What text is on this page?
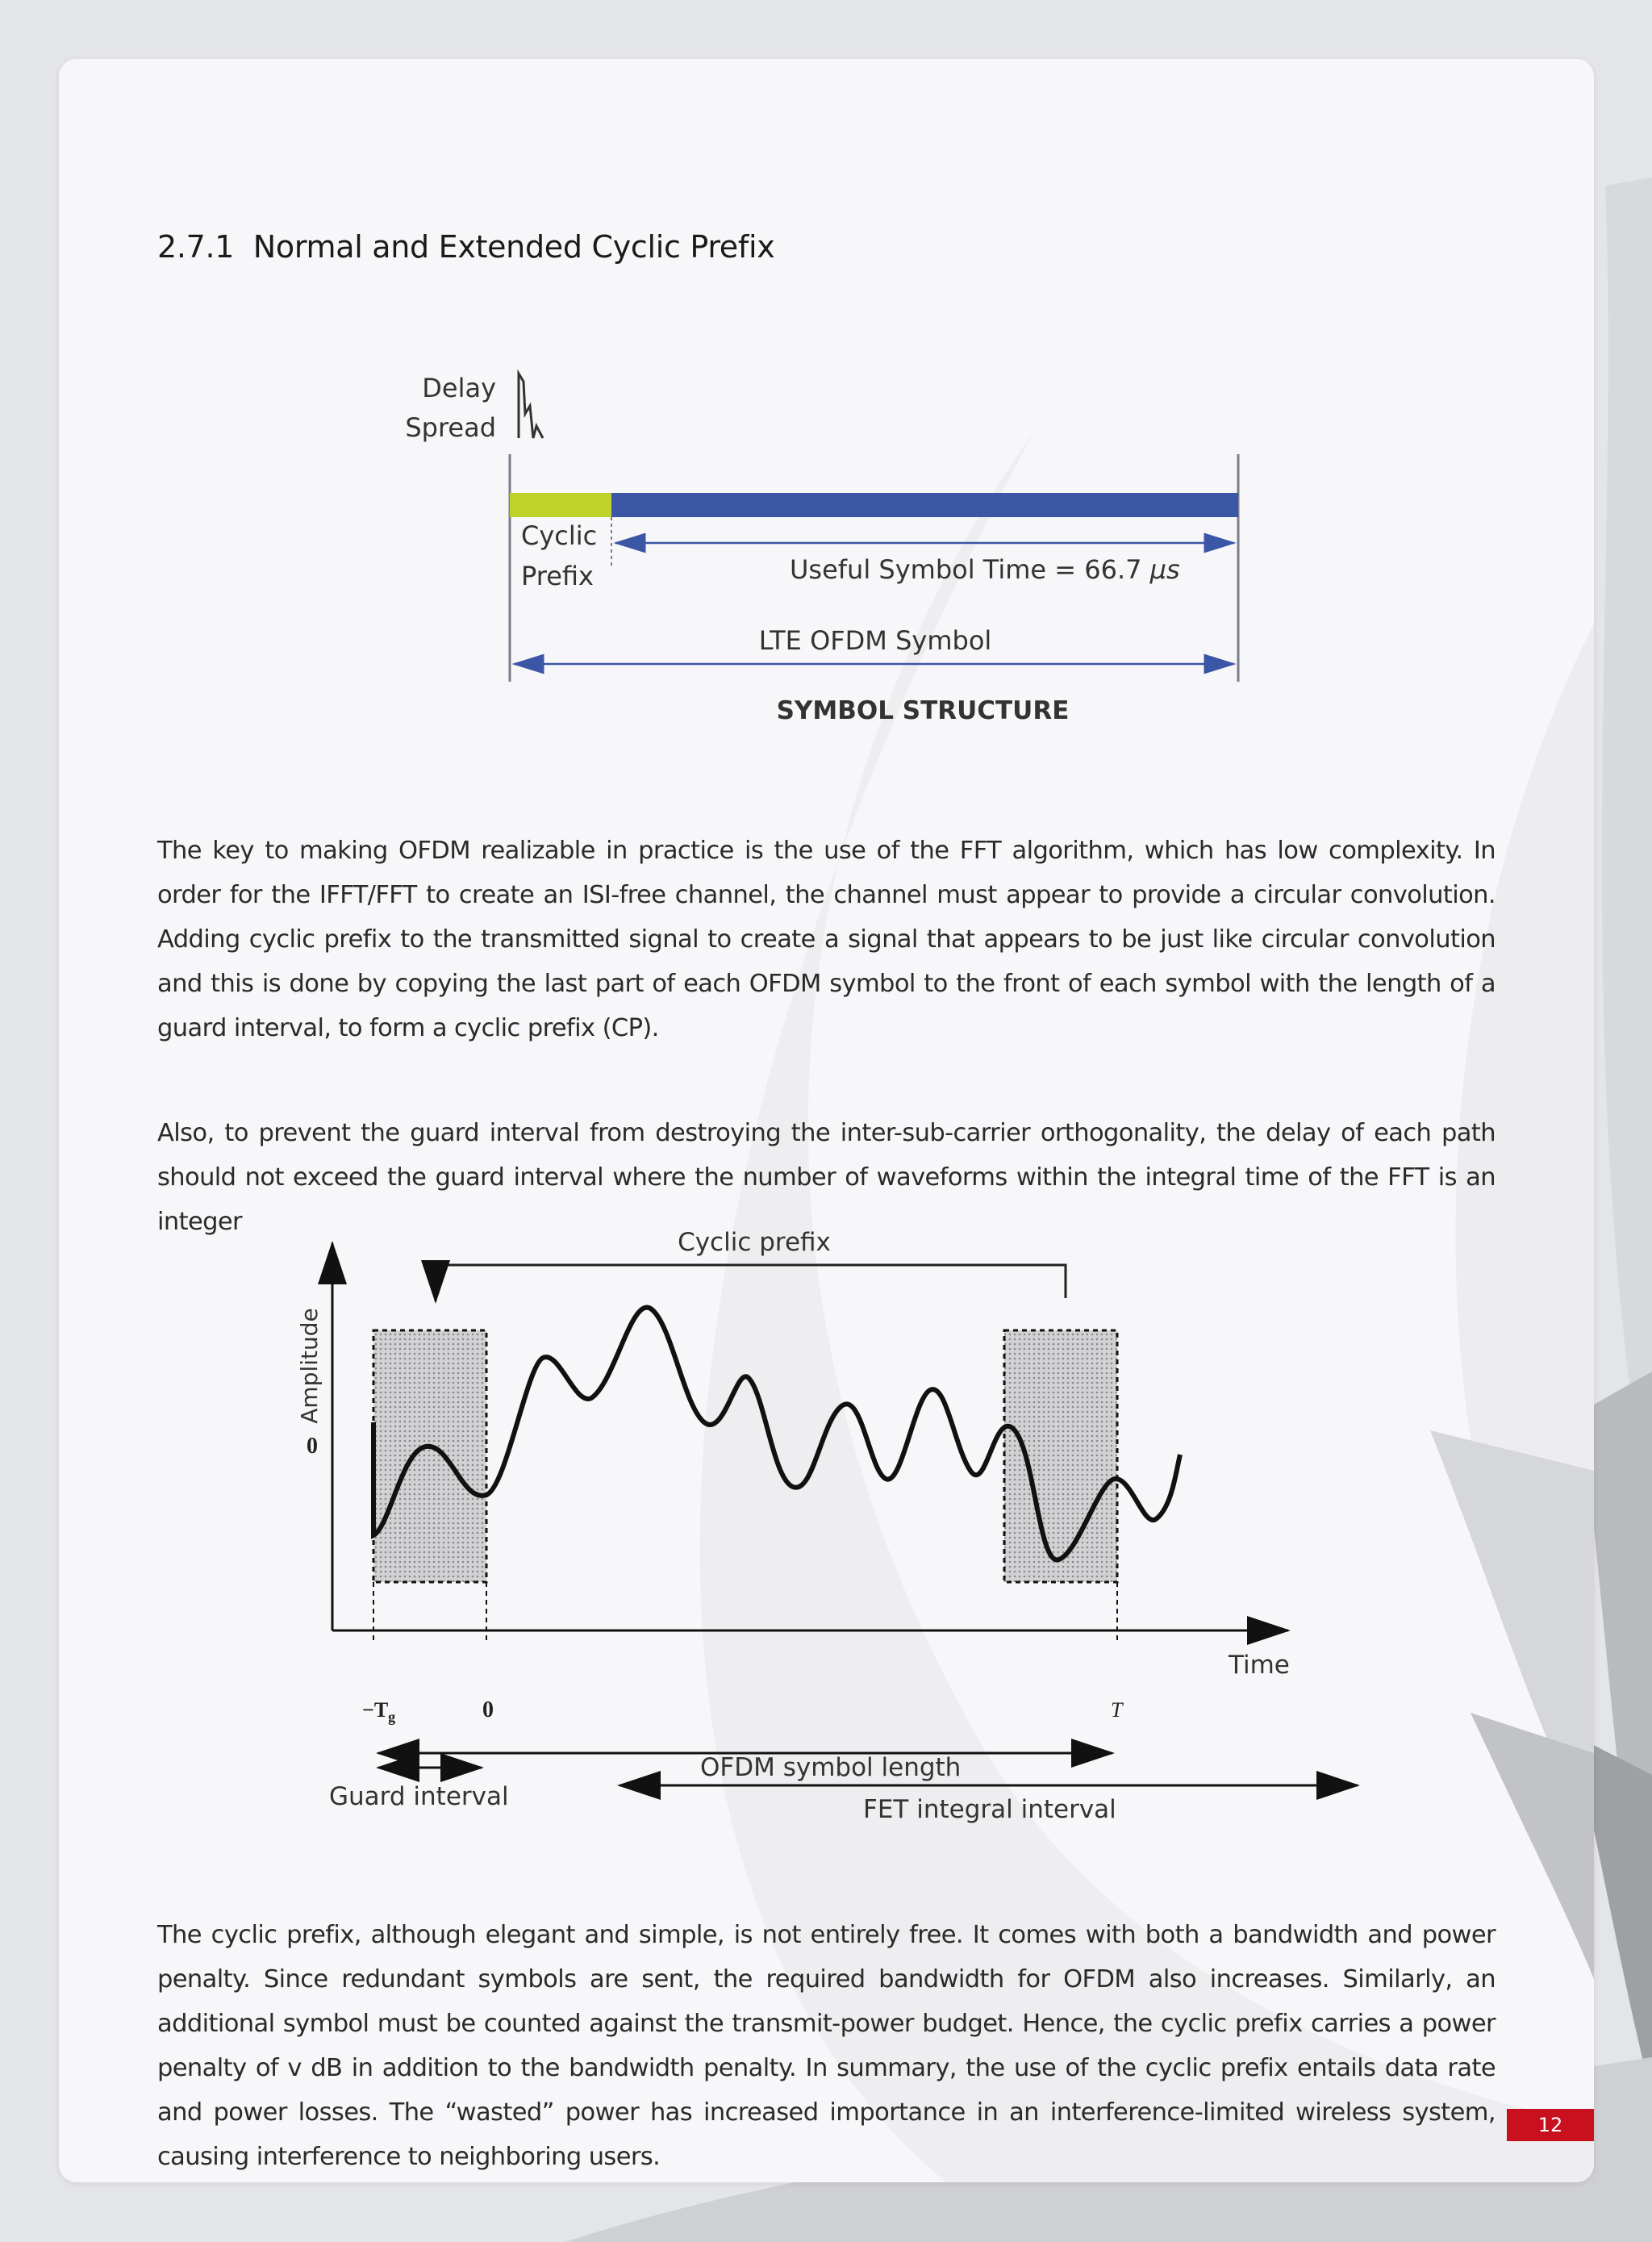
2.7.1 Normal and Extended Cyclic Prefix
Delay
Spread
Cyclic
Prefix	Useful Symbol Time = 66.7 μs
LTE OFDM Symbol
SYMBOL STRUCTURE

The key to making OFDM realizable in practice is the use of the FFT algorithm, which has low complexity. In order for the IFFT/FFT to create an ISI-free channel, the channel must appear to provide a circular convolution. Adding cyclic prefix to the transmitted signal to create a signal that appears to be just like circular convolution and this is done by copying the last part of each OFDM symbol to the front of each symbol with the length of a guard interval, to form a cyclic prefix (CP).

Also, to prevent the guard interval from destroying the inter-sub-carrier orthogonality, the delay of each path should not exceed the guard interval where the number of waveforms within the integral time of the FFT is an integer

Amplitude
0
Time
Cyclic prefix
$-T_g$	0	T
OFDM symbol length
Guard interval	FET integral interval

The cyclic prefix, although elegant and simple, is not entirely free. It comes with both a bandwidth and power penalty. Since redundant symbols are sent, the required bandwidth for OFDM also increases. Similarly, an additional symbol must be counted against the transmit-power budget. Hence, the cyclic prefix carries a power penalty of v dB in addition to the bandwidth penalty. In summary, the use of the cyclic prefix entails data rate and power losses. The “wasted” power has increased importance in an interference-limited wireless system, causing interference to neighboring users.

12
